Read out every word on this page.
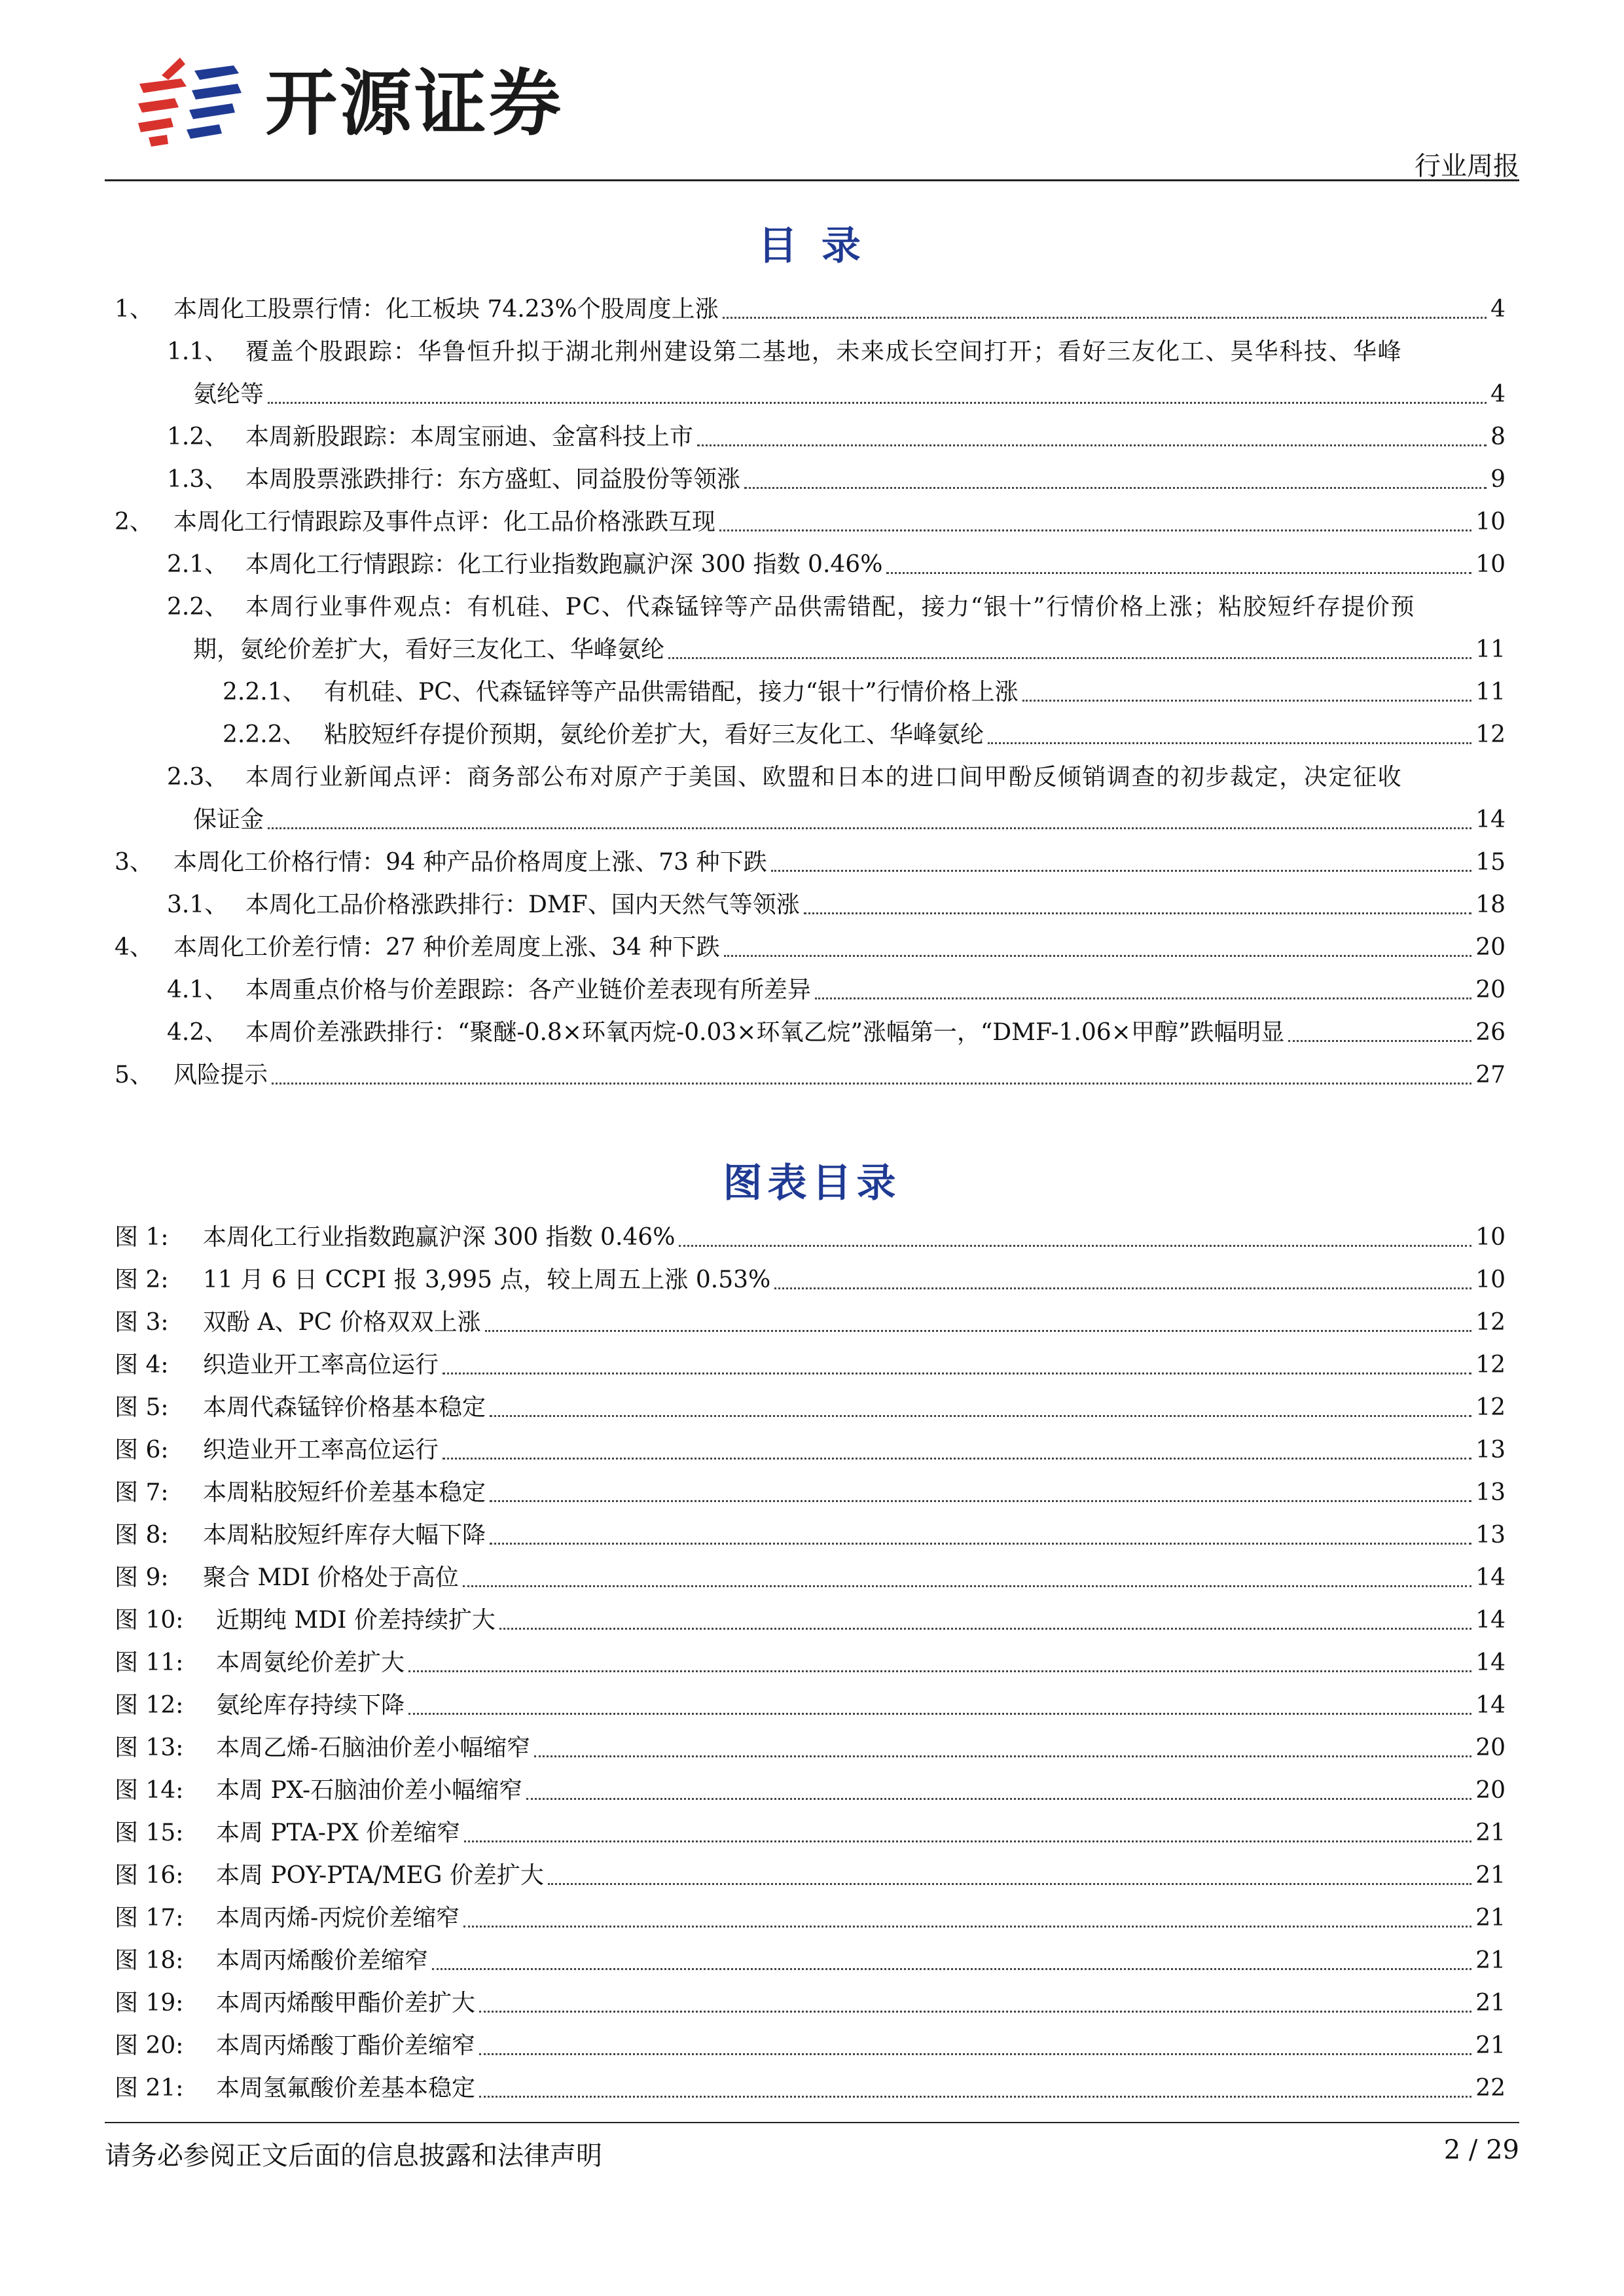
开源证券
行业周报
目 录
1、 本周化工股票行情：化工板块 74.23%个股周度上涨	4
1.1、 覆盖个股跟踪：华鲁恒升拟于湖北荆州建设第二基地，未来成长空间打开；看好三友化工、昊华科技、华峰
氨纶等	4
1.2、 本周新股跟踪：本周宝丽迪、金富科技上市	8
1.3、 本周股票涨跌排行：东方盛虹、同益股份等领涨	9
2、 本周化工行情跟踪及事件点评：化工品价格涨跌互现	10
2.1、 本周化工行情跟踪：化工行业指数跑赢沪深 300 指数 0.46%	10
2.2、 本周行业事件观点：有机硅、PC、代森锰锌等产品供需错配，接力“银十”行情价格上涨；粘胶短纤存提价预
期，氨纶价差扩大，看好三友化工、华峰氨纶	11
2.2.1、 有机硅、PC、代森锰锌等产品供需错配，接力“银十”行情价格上涨	11
2.2.2、 粘胶短纤存提价预期，氨纶价差扩大，看好三友化工、华峰氨纶	12
2.3、 本周行业新闻点评：商务部公布对原产于美国、欧盟和日本的进口间甲酚反倾销调查的初步裁定，决定征收
保证金	14
3、 本周化工价格行情：94 种产品价格周度上涨、73 种下跌	15
3.1、 本周化工品价格涨跌排行：DMF、国内天然气等领涨	18
4、 本周化工价差行情：27 种价差周度上涨、34 种下跌	20
4.1、 本周重点价格与价差跟踪：各产业链价差表现有所差异	20
4.2、 本周价差涨跌排行：“聚醚-0.8×环氧丙烷-0.03×环氧乙烷”涨幅第一，“DMF-1.06×甲醇”跌幅明显	26
5、 风险提示	27
图表目录
图 1: 本周化工行业指数跑赢沪深 300 指数 0.46%	10
图 2: 11 月 6 日 CCPI 报 3,995 点，较上周五上涨 0.53%	10
图 3: 双酚 A、PC 价格双双上涨	12
图 4: 织造业开工率高位运行	12
图 5: 本周代森锰锌价格基本稳定	12
图 6: 织造业开工率高位运行	13
图 7: 本周粘胶短纤价差基本稳定	13
图 8: 本周粘胶短纤库存大幅下降	13
图 9: 聚合 MDI 价格处于高位	14
图 10: 近期纯 MDI 价差持续扩大	14
图 11: 本周氨纶价差扩大	14
图 12: 氨纶库存持续下降	14
图 13: 本周乙烯-石脑油价差小幅缩窄	20
图 14: 本周 PX-石脑油价差小幅缩窄	20
图 15: 本周 PTA-PX 价差缩窄	21
图 16: 本周 POY-PTA/MEG 价差扩大	21
图 17: 本周丙烯-丙烷价差缩窄	21
图 18: 本周丙烯酸价差缩窄	21
图 19: 本周丙烯酸甲酯价差扩大	21
图 20: 本周丙烯酸丁酯价差缩窄	21
图 21: 本周氢氟酸价差基本稳定	22
请务必参阅正文后面的信息披露和法律声明	2 / 29
